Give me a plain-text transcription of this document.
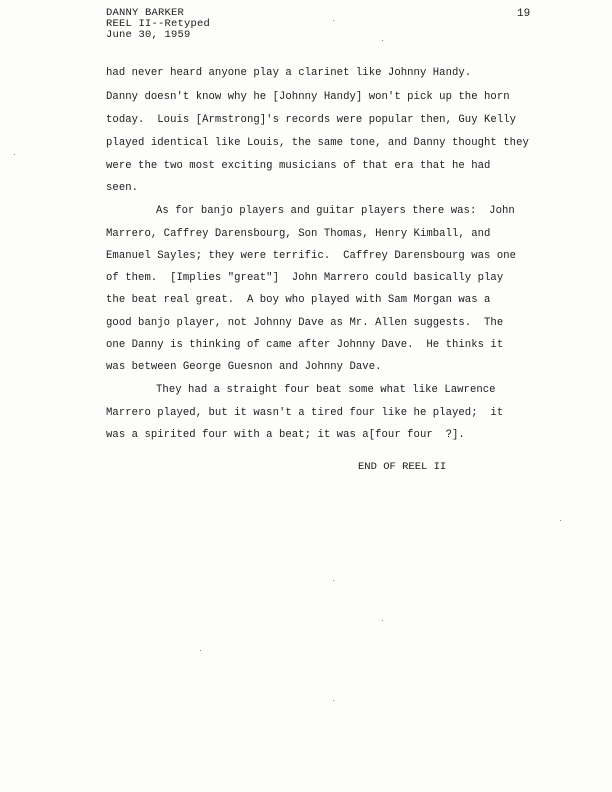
DANNY BARKER
REEL II--Retyped
June 30, 1959
19
had never heard anyone play a clarinet like Johnny Handy.
Danny doesn't know why he [Johnny Handy] won't pick up the horn
today.  Louis [Armstrong]'s records were popular then, Guy Kelly
played identical like Louis, the same tone, and Danny thought they
were the two most exciting musicians of that era that he had
seen.
As for banjo players and guitar players there was:  John
Marrero, Caffrey Darensbourg, Son Thomas, Henry Kimball, and
Emanuel Sayles; they were terrific.  Caffrey Darensbourg was one
of them.  [Implies "great"]  John Marrero could basically play
the beat real great.  A boy who played with Sam Morgan was a
good banjo player, not Johnny Dave as Mr. Allen suggests.  The
one Danny is thinking of came after Johnny Dave.  He thinks it
was between George Guesnon and Johnny Dave.
They had a straight four beat some what like Lawrence
Marrero played, but it wasn't a tired four like he played;  it
was a spirited four with a beat; it was a[four four  ?].
END OF REEL II
